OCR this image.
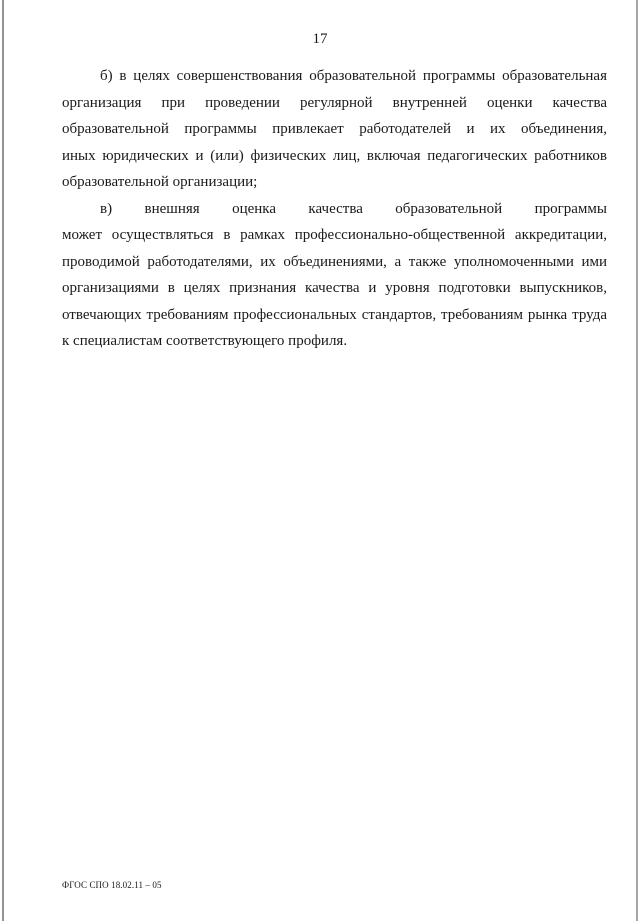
17

б) в целях совершенствования образовательной программы образовательная
организация при проведении регулярной внутренней оценки качества
образовательной программы привлекает работодателей и их объединения,
иных юридических и (или) физических лиц, включая педагогических работников
образовательной организации;

в) внешняя оценка качества образовательной программы
может осуществляться в рамках профессионально-общественной аккредитации,
проводимой работодателями, их объединениями, а также уполномоченными ими
организациями в целях признания качества и уровня подготовки выпускников,
отвечающих требованиям профессиональных стандартов, требованиям рынка труда
к специалистам соответствующего профиля.

ФГОС СПО 18.02.11 – 05
